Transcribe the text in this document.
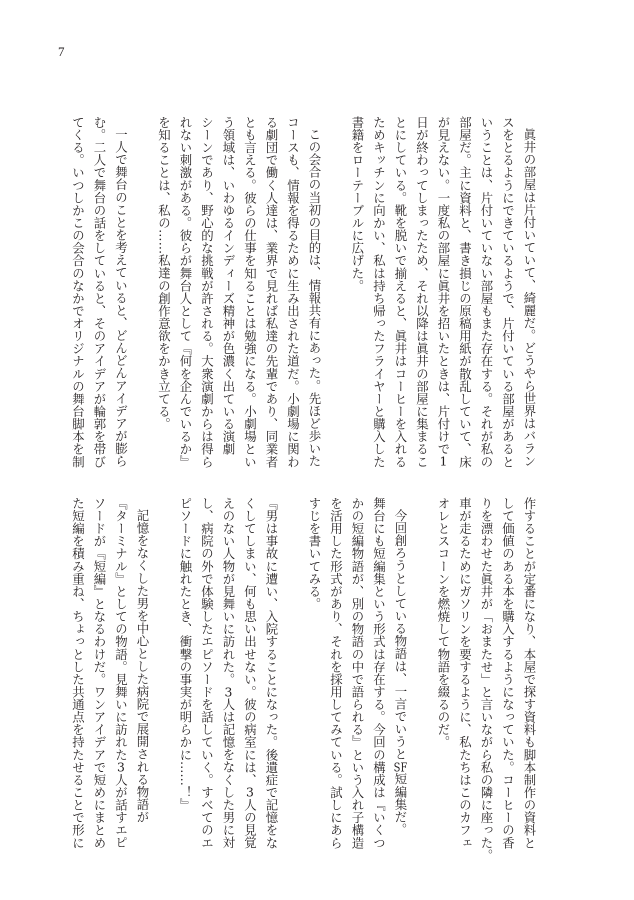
7
眞井の部屋は片付いていて、綺麗だ。どうやら世界はバラン
スをとるようにできているようで、片付いている部屋があると
いうことは、片付いていない部屋もまた存在する。それが私の
部屋だ。主に資料と、書き損じの原稿用紙が散乱していて、床
が見えない。一度私の部屋に眞井を招いたときは、片付けで1
日が終わってしまったため、それ以降は眞井の部屋に集まるこ
とにしている。靴を脱いで揃えると、眞井はコーヒーを入れる
ためキッチンに向かい、私は持ち帰ったフライヤーと購入した
書籍をローテーブルに広げた。
この会合の当初の目的は、情報共有にあった。先ほど歩いた
コースも、情報を得るために生み出された道だ。小劇場に関わ
る劇団で働く人達は、業界で見れば私達の先輩であり、同業者
とも言える。彼らの仕事を知ることは勉強になる。小劇場とい
う領域は、いわゆるインディーズ精神が色濃く出ている演劇
シーンであり、野心的な挑戦が許される。大衆演劇からは得ら
れない刺激がある。彼らが舞台人として『何を企んでいるか』
を知ることは、私の……私達の創作意欲をかき立てる。
一人で舞台のことを考えていると、どんどんアイデアが膨ら
む。二人で舞台の話をしていると、そのアイデアが輪郭を帯び
てくる。いつしかこの会合のなかでオリジナルの舞台脚本を制
作することが定番になり、本屋で探す資料も脚本制作の資料と
して価値のある本を購入するようになっていた。コーヒーの香
りを漂わせた眞井が「おまたせ」と言いながら私の隣に座った。
車が走るためにガソリンを要するように、私たちはこのカフェ
オレとスコーンを燃焼して物語を綴るのだ。
今回創ろうとしている物語は、一言でいうとSF短編集だ。
舞台にも短編集という形式は存在する。今回の構成は『いくつ
かの短編物語が、別の物語の中で語られる』という入れ子構造
を活用した形式があり、それを採用してみている。試しにあら
すじを書いてみる。
『男は事故に遭い、入院することになった。後遺症で記憶をな
くしてしまい、何も思い出せない。彼の病室には、3人の見覚
えのない人物が見舞いに訪れた。3人は記憶をなくした男に対
し、病院の外で体験したエピソードを話していく。すべてのエ
ピソードに触れたとき、衝撃の事実が明らかに……！』
記憶をなくした男を中心とした病院で展開される物語が
『ターミナル』としての物語。見舞いに訪れた3人が話すエピ
ソードが『短編』となるわけだ。ワンアイデアで短めにまとめ
た短編を積み重ね、ちょっとした共通点を持たせることで形に
